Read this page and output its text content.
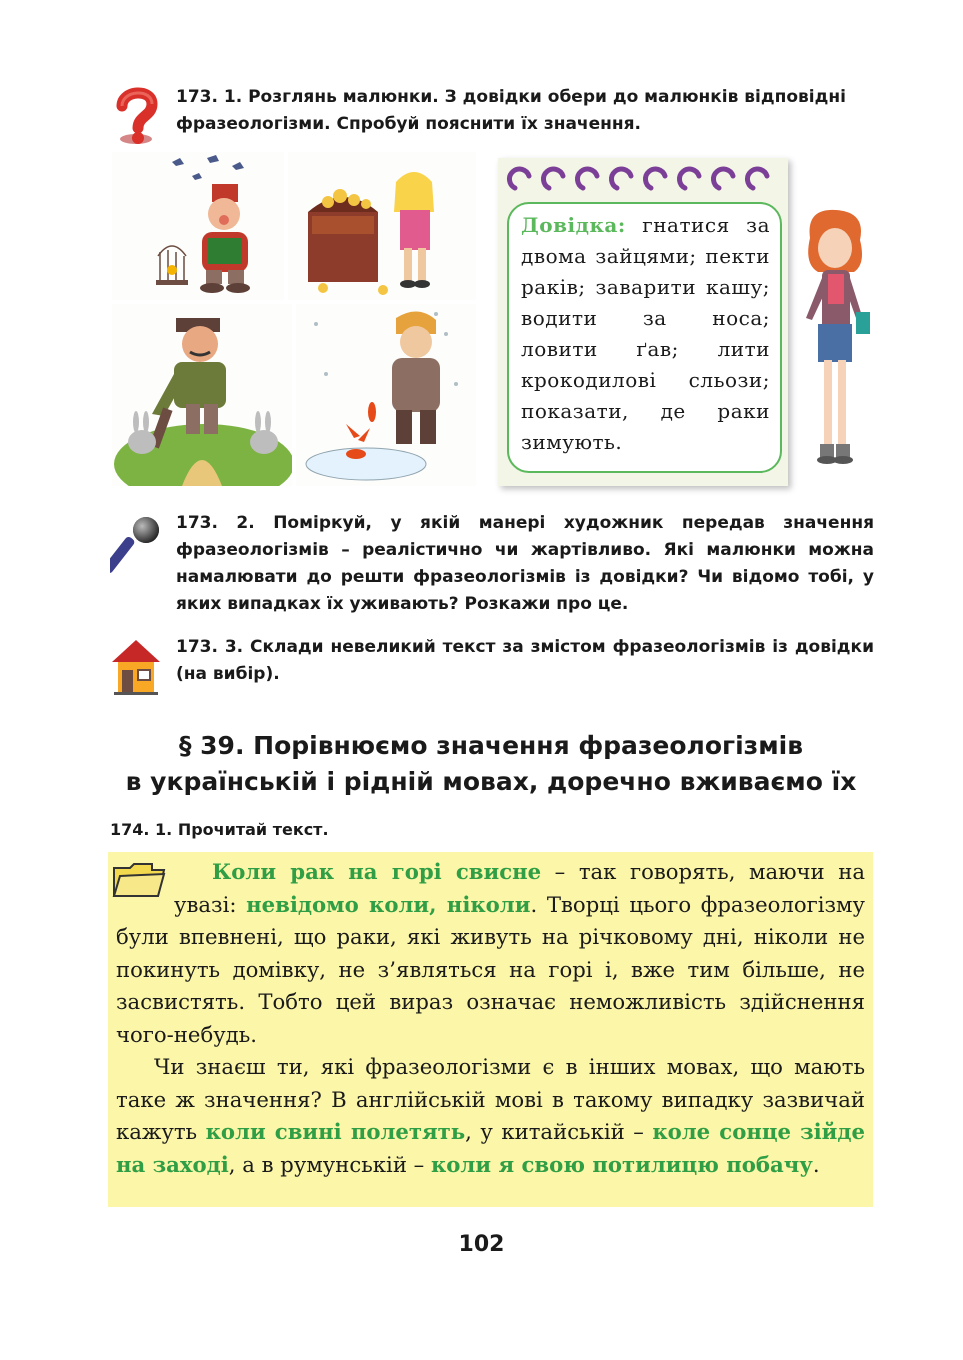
173. 1. Розглянь малюнки. З довідки обери до малюнків відповідні
фразеологізми. Спробуй пояснити їх значення.
Довідка: гнатися за двома зайцями; пекти раків; заварити кашу; водити за носа; ловити ґав; лити крокодилові сльози; показати, де раки зимують.
173. 2. Поміркуй, у якій манері художник передав значення фразеологізмів – реалістично чи жартівливо. Які малюнки можна намалювати до решти фразеологізмів із довідки? Чи відомо тобі, у яких випадках їх уживають? Розкажи про це.
173. 3. Склади невеликий текст за змістом фразеологізмів із довідки (на вибір).
§ 39. Порівнюємо значення фразеологізмів
в українській і рідній мовах, доречно вживаємо їх
174. 1. Прочитай текст.

Коли рак на горі свисне – так говорять, маючи на увазі: невідомо коли, ніколи. Творці цього фразеологізму були впевнені, що раки, які живуть на річковому дні, ніколи не покинуть домівку, не з’являться на горі і, вже тим більше, не засвистять. Тобто цей вираз означає неможливість здійснення чого-небудь.

Чи знаєш ти, які фразеологізми є в інших мовах, що мають таке ж значення? В англійській мові в такому випадку зазвичай кажуть коли свині полетять, у китайській – коле сонце зійде на заході, а в румунській – коли я свою потилицю побачу.

102
